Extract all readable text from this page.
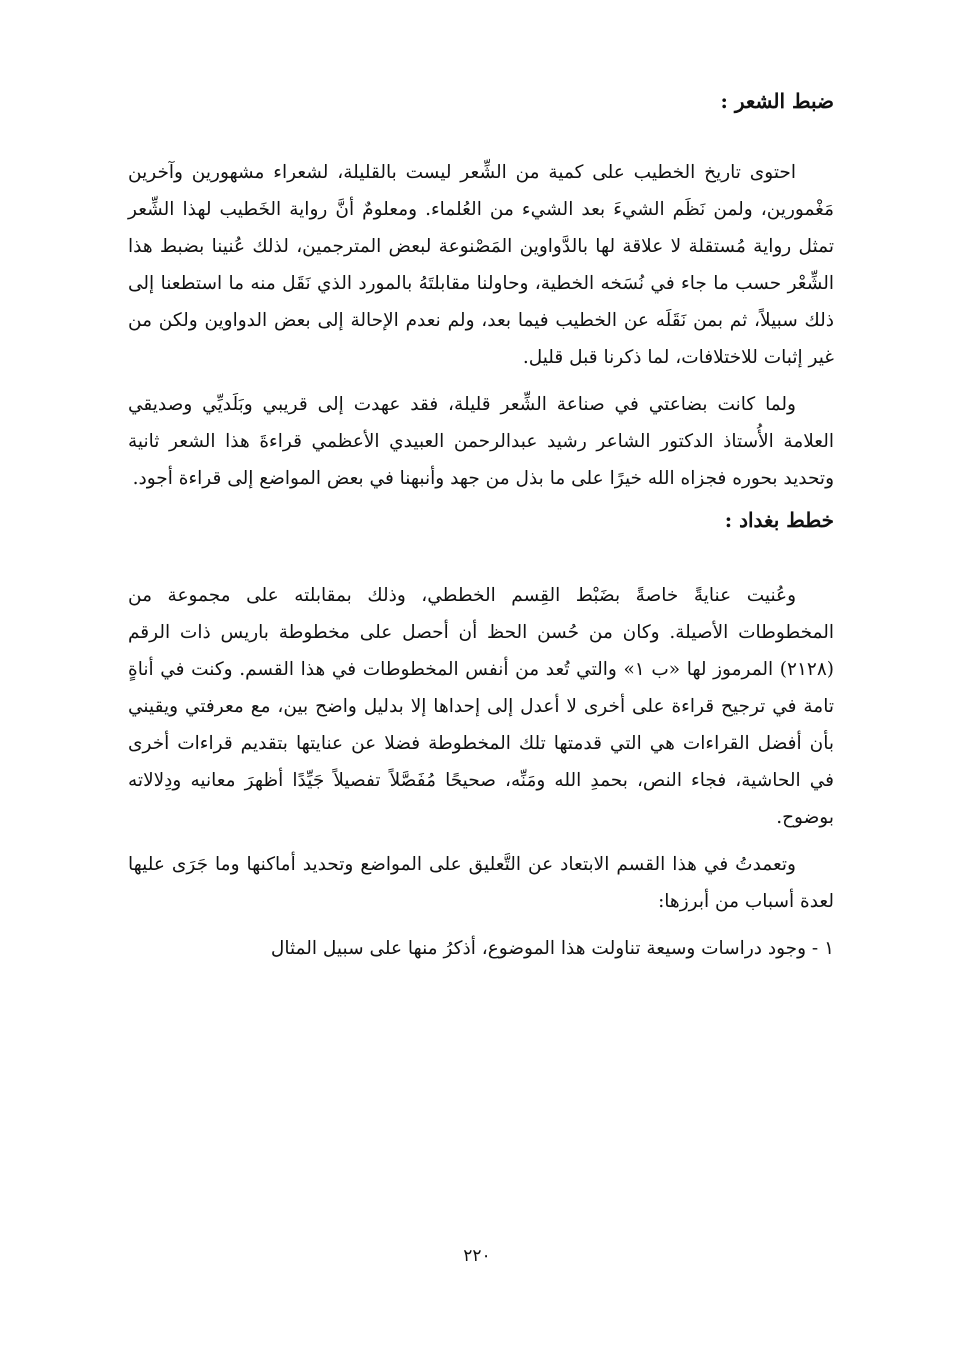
ضبط الشعر :

احتوى تاريخ الخطيب على كمية من الشِّعر ليست بالقليلة، لشعراء مشهورين وآخرين مَغْمورين، ولمن نَظَم الشيءَ بعد الشيء من العُلماء. ومعلومٌ أنَّ رواية الخَطيب لهذا الشِّعر تمثل رواية مُستقلة لا علاقة لها بالدَّواوين المَصْنوعة لبعض المترجمين، لذلك عُنينا بضبط هذا الشِّعْر حسب ما جاء في نُسَخه الخطية، وحاولنا مقابلتَهُ بالمورد الذي نَقَل منه ما استطعنا إلى ذلك سبيلاً، ثم بمن نَقَلَه عن الخطيب فيما بعد، ولم نعدم الإحالة إلى بعض الدواوين ولكن من غير إثبات للاختلافات، لما ذكرنا قبل قليل.

ولما كانت بضاعتي في صناعة الشِّعر قليلة، فقد عهدت إلى قريبي وبَلَديِّي وصديقي العلامة الأُستاذ الدكتور الشاعر رشيد عبدالرحمن العبيدي الأعظمي قراءةَ هذا الشعر ثانية وتحديد بحوره فجزاه الله خيرًا على ما بذل من جهد وأنبهنا في بعض المواضع إلى قراءة أجود.

خطط بغداد :

وعُنيت عنايةً خاصةً بضَبْط القِسم الخططي، وذلك بمقابلته على مجموعة من المخطوطات الأصيلة. وكان من حُسن الحظ أن أحصل على مخطوطة باريس ذات الرقم (٢١٢٨) المرموز لها «ب ١» والتي تُعد من أنفس المخطوطات في هذا القسم. وكنت في أناةٍ تامة في ترجيح قراءة على أخرى لا أعدل إلى إحداها إلا بدليل واضح بين، مع معرفتي ويقيني بأن أفضل القراءات هي التي قدمتها تلك المخطوطة فضلا عن عنايتها بتقديم قراءات أخرى في الحاشية، فجاء النص، بحمدِ الله ومَنِّه، صحيحًا مُفَصَّلاً تفصيلاً جَيِّدًا أظهرَ معانيه ودِلالاته بوضوح.

وتعمدتُ في هذا القسم الابتعاد عن التَّعليق على المواضع وتحديد أماكنها وما جَرَى عليها لعدة أسباب من أبرزها:

١ - وجود دراسات وسيعة تناولت هذا الموضوع، أذكرُ منها على سبيل المثال

٢٢٠
